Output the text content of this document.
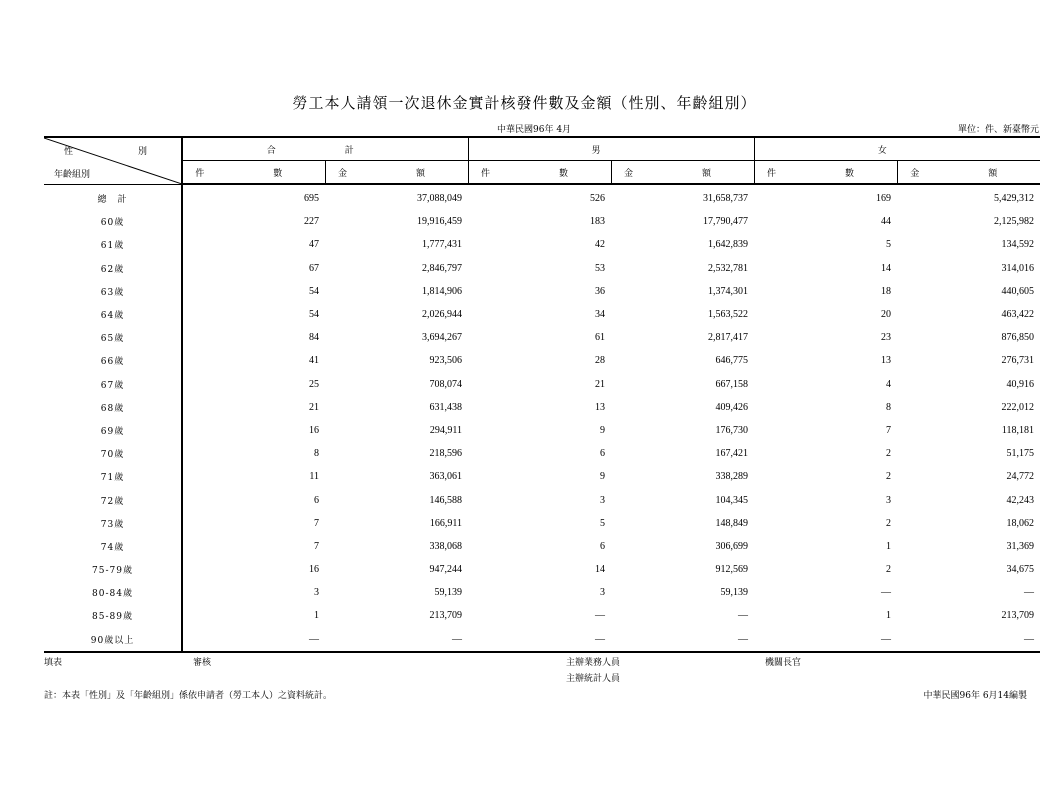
勞工本人請領一次退休金實計核發件數及金額（性別、年齡組別）
中華民國96年 4月	單位：件、新臺幣元
性　別
年齡組別	合　計		男		女	
	件　數	金　額	件　數	金　額	件　數	金　額
總　計	695	37,088,049	526	31,658,737	169	5,429,312
60歲	227	19,916,459	183	17,790,477	44	2,125,982
61歲	47	1,777,431	42	1,642,839	5	134,592
62歲	67	2,846,797	53	2,532,781	14	314,016
63歲	54	1,814,906	36	1,374,301	18	440,605
64歲	54	2,026,944	34	1,563,522	20	463,422
65歲	84	3,694,267	61	2,817,417	23	876,850
66歲	41	923,506	28	646,775	13	276,731
67歲	25	708,074	21	667,158	4	40,916
68歲	21	631,438	13	409,426	8	222,012
69歲	16	294,911	9	176,730	7	118,181
70歲	8	218,596	6	167,421	2	51,175
71歲	11	363,061	9	338,289	2	24,772
72歲	6	146,588	3	104,345	3	42,243
73歲	7	166,911	5	148,849	2	18,062
74歲	7	338,068	6	306,699	1	31,369
75-79歲	16	947,244	14	912,569	2	34,675
80-84歲	3	59,139	3	59,139	—	—
85-89歲	1	213,709	—	—	1	213,709
90歲以上	—	—	—	—	—	—
填表	審核	主辦業務人員
主辦統計人員
機關長官
註：本表「性別」及「年齡組別」係依申請者（勞工本人）之資料統計。	中華民國96年 6月14編製
